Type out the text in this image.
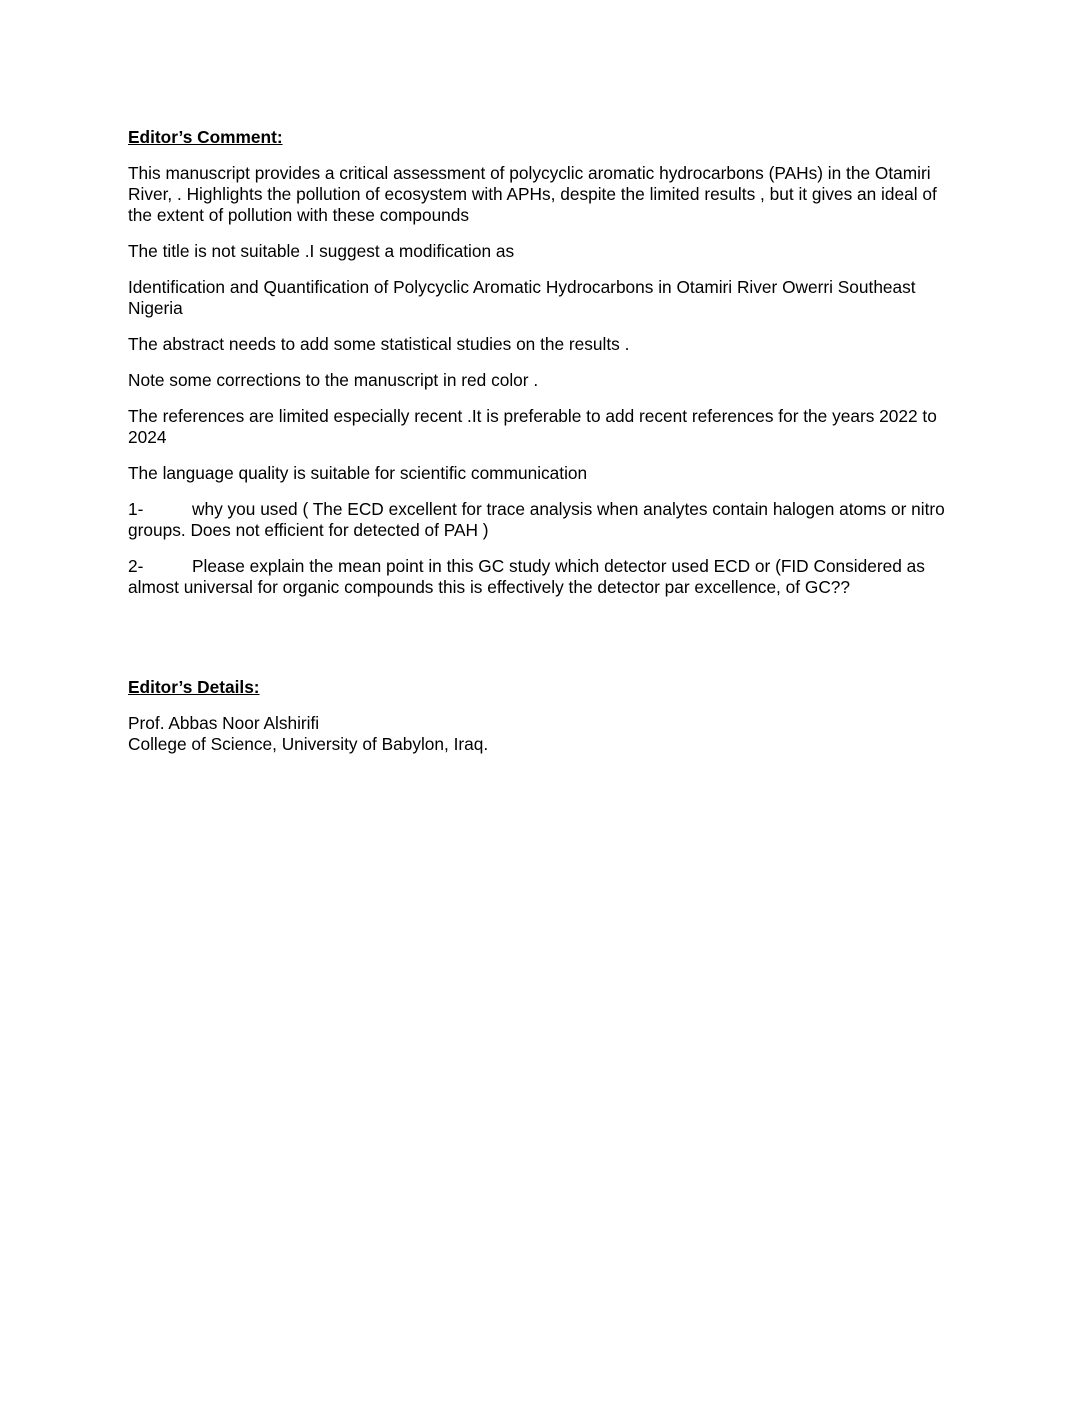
Editor’s Comment:

This manuscript provides a critical assessment of polycyclic aromatic hydrocarbons (PAHs) in the Otamiri River, . Highlights the pollution of ecosystem with APHs, despite the limited results , but it gives an ideal of the extent of pollution with these compounds

The title is not suitable .I suggest a modification as

Identification and Quantification of Polycyclic Aromatic Hydrocarbons in Otamiri River Owerri Southeast Nigeria

The abstract needs to add some statistical studies on the results .

Note some corrections to the manuscript in red color .

The references are limited especially recent .It is preferable to add recent references for the years 2022 to 2024

The language quality is suitable for scientific communication

1-	why you used ( The ECD excellent for trace analysis when analytes contain halogen atoms or nitro groups. Does not efficient for detected of PAH )

2-	Please explain the mean point in this GC study which detector used ECD or (FID Considered as almost universal for organic compounds this is effectively the detector par excellence, of GC??

Editor’s Details:

Prof. Abbas Noor Alshirifi

College of Science, University of Babylon, Iraq.
